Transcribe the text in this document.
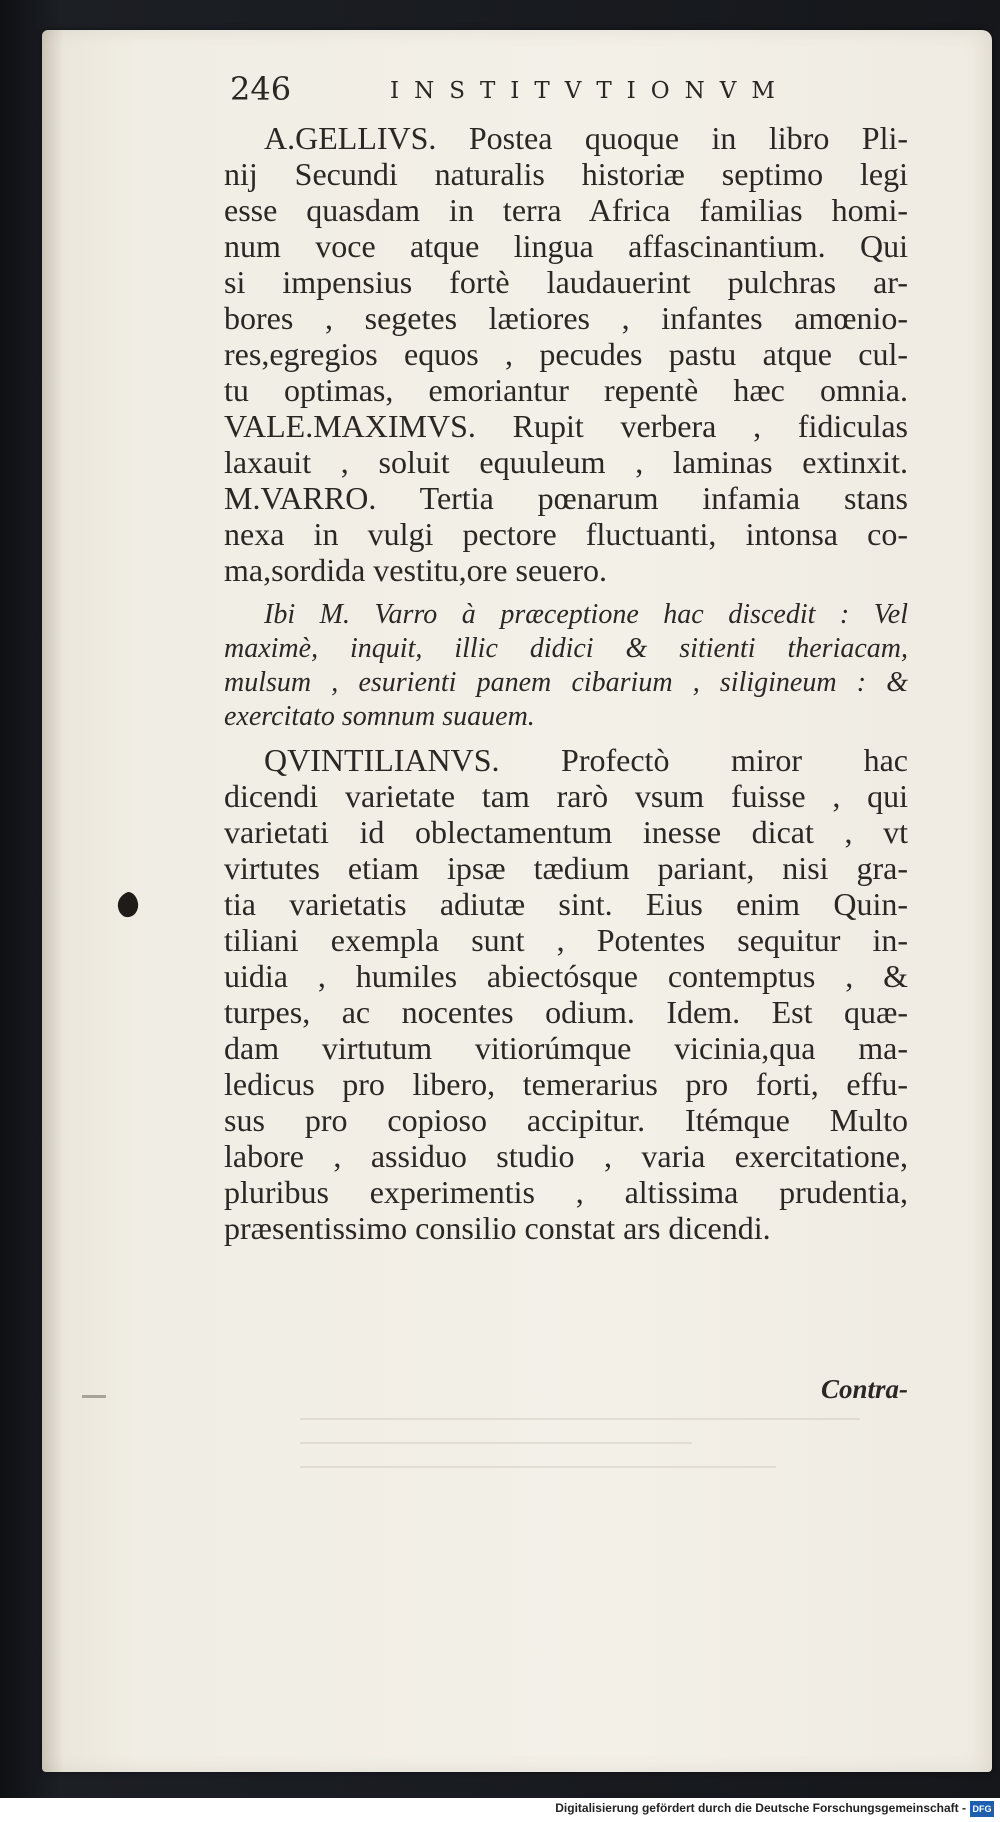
246	INSTITVTIONVM
A.GELLIVS. Postea quoque in libro Pli-
nij Secundi naturalis historiæ septimo legi
esse quasdam in terra Africa familias homi-
num voce atque lingua affascinantium. Qui
si impensius fortè laudauerint pulchras ar-
bores , segetes lætiores , infantes amœnio-
res,egregios equos , pecudes pastu atque cul-
tu optimas, emoriantur repentè hæc omnia.
VALE.MAXIMVS. Rupit verbera , fidiculas
laxauit , soluit equuleum , laminas extinxit.
M.VARRO. Tertia pœnarum infamia stans
nexa in vulgi pectore fluctuanti, intonsa co-
ma,sordida vestitu,ore seuero.
Ibi M. Varro à præceptione hac discedit : Vel
maximè, inquit, illic didici & sitienti theriacam,
mulsum , esurienti panem cibarium , siligineum : &
exercitato somnum suauem.
QVINTILIANVS. Profectò miror hac
dicendi varietate tam rarò vsum fuisse , qui
varietati id oblectamentum inesse dicat , vt
virtutes etiam ipsæ tædium pariant, nisi gra-
tia varietatis adiutæ sint. Eius enim Quin-
tiliani exempla sunt , Potentes sequitur in-
uidia , humiles abiectósque contemptus , &
turpes, ac nocentes odium. Idem. Est quæ-
dam virtutum vitiorúmque vicinia,qua ma-
ledicus pro libero, temerarius pro forti, effu-
sus pro copioso accipitur. Itémque Multo
labore , assiduo studio , varia exercitatione,
pluribus experimentis , altissima prudentia,
præsentissimo consilio constat ars dicendi.
Contra-
Digitalisierung gefördert durch die Deutsche Forschungsgemeinschaft - DFG
